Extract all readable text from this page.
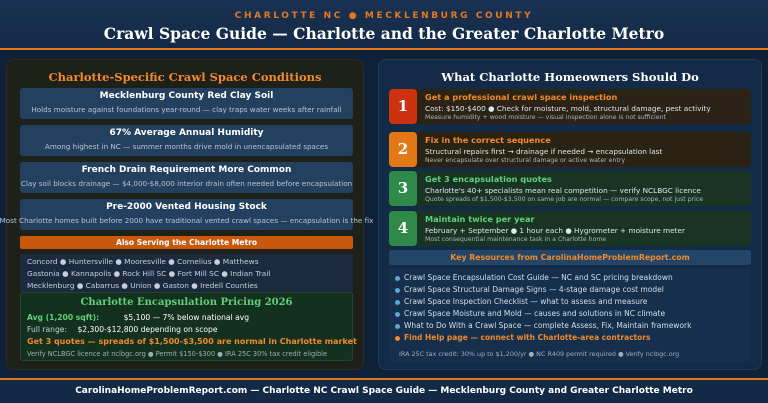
CHARLOTTE NC ● MECKLENBURG COUNTY
Crawl Space Guide — Charlotte and the Greater Charlotte Metro
Charlotte-Specific Crawl Space Conditions
Mecklenburg County Red Clay Soil
Holds moisture against foundations year-round — clay traps water weeks after rainfall
67% Average Annual Humidity
Among highest in NC — summer months drive mold in unencapsulated spaces
French Drain Requirement More Common
Clay soil blocks drainage — $4,000-$8,000 interior drain often needed before encapsulation
Pre-2000 Vented Housing Stock
Most Charlotte homes built before 2000 have traditional vented crawl spaces — encapsulation is the fix
Also Serving the Charlotte Metro
Concord ● Huntersville ● Mooresville ● Cornelius ● Matthews
Gastonia ● Kannapolis ● Rock Hill SC ● Fort Mill SC ● Indian Trail
Mecklenburg ● Cabarrus ● Union ● Gaston ● Iredell Counties
Charlotte Encapsulation Pricing 2026
Avg (1,200 sqft):	$5,100 — 7% below national avg
Full range: $2,300-$12,800 depending on scope
Get 3 quotes — spreads of $1,500-$3,500 are normal in Charlotte market
Verify NCLBGC licence at nclbgc.org ● Permit $150-$300 ● IRA 25C 30% tax credit eligible
What Charlotte Homeowners Should Do
1	Get a professional crawl space inspection
Cost: $150-$400 ● Check for moisture, mold, structural damage, pest activity
Measure humidity + wood moisture — visual inspection alone is not sufficient
2	Fix in the correct sequence
Structural repairs first → drainage if needed → encapsulation last
Never encapsulate over structural damage or active water entry
3	Get 3 encapsulation quotes
Charlotte's 40+ specialists mean real competition — verify NCLBGC licence
Quote spreads of $1,500-$3,500 on same job are normal — compare scope, not just price
4	Maintain twice per year
February + September ● 1 hour each ● Hygrometer + moisture meter
Most consequential maintenance task in a Charlotte home
Key Resources from CarolinaHomeProblemReport.com
Crawl Space Encapsulation Cost Guide — NC and SC pricing breakdown
Crawl Space Structural Damage Signs — 4-stage damage cost model
Crawl Space Inspection Checklist — what to assess and measure
Crawl Space Moisture and Mold — causes and solutions in NC climate
What to Do With a Crawl Space — complete Assess, Fix, Maintain framework
Find Help page — connect with Charlotte-area contractors
IRA 25C tax credit: 30% up to $1,200/yr ● NC R409 permit required ● Verify nclbgc.org
CarolinaHomeProblemReport.com — Charlotte NC Crawl Space Guide — Mecklenburg County and Greater Charlotte Metro
